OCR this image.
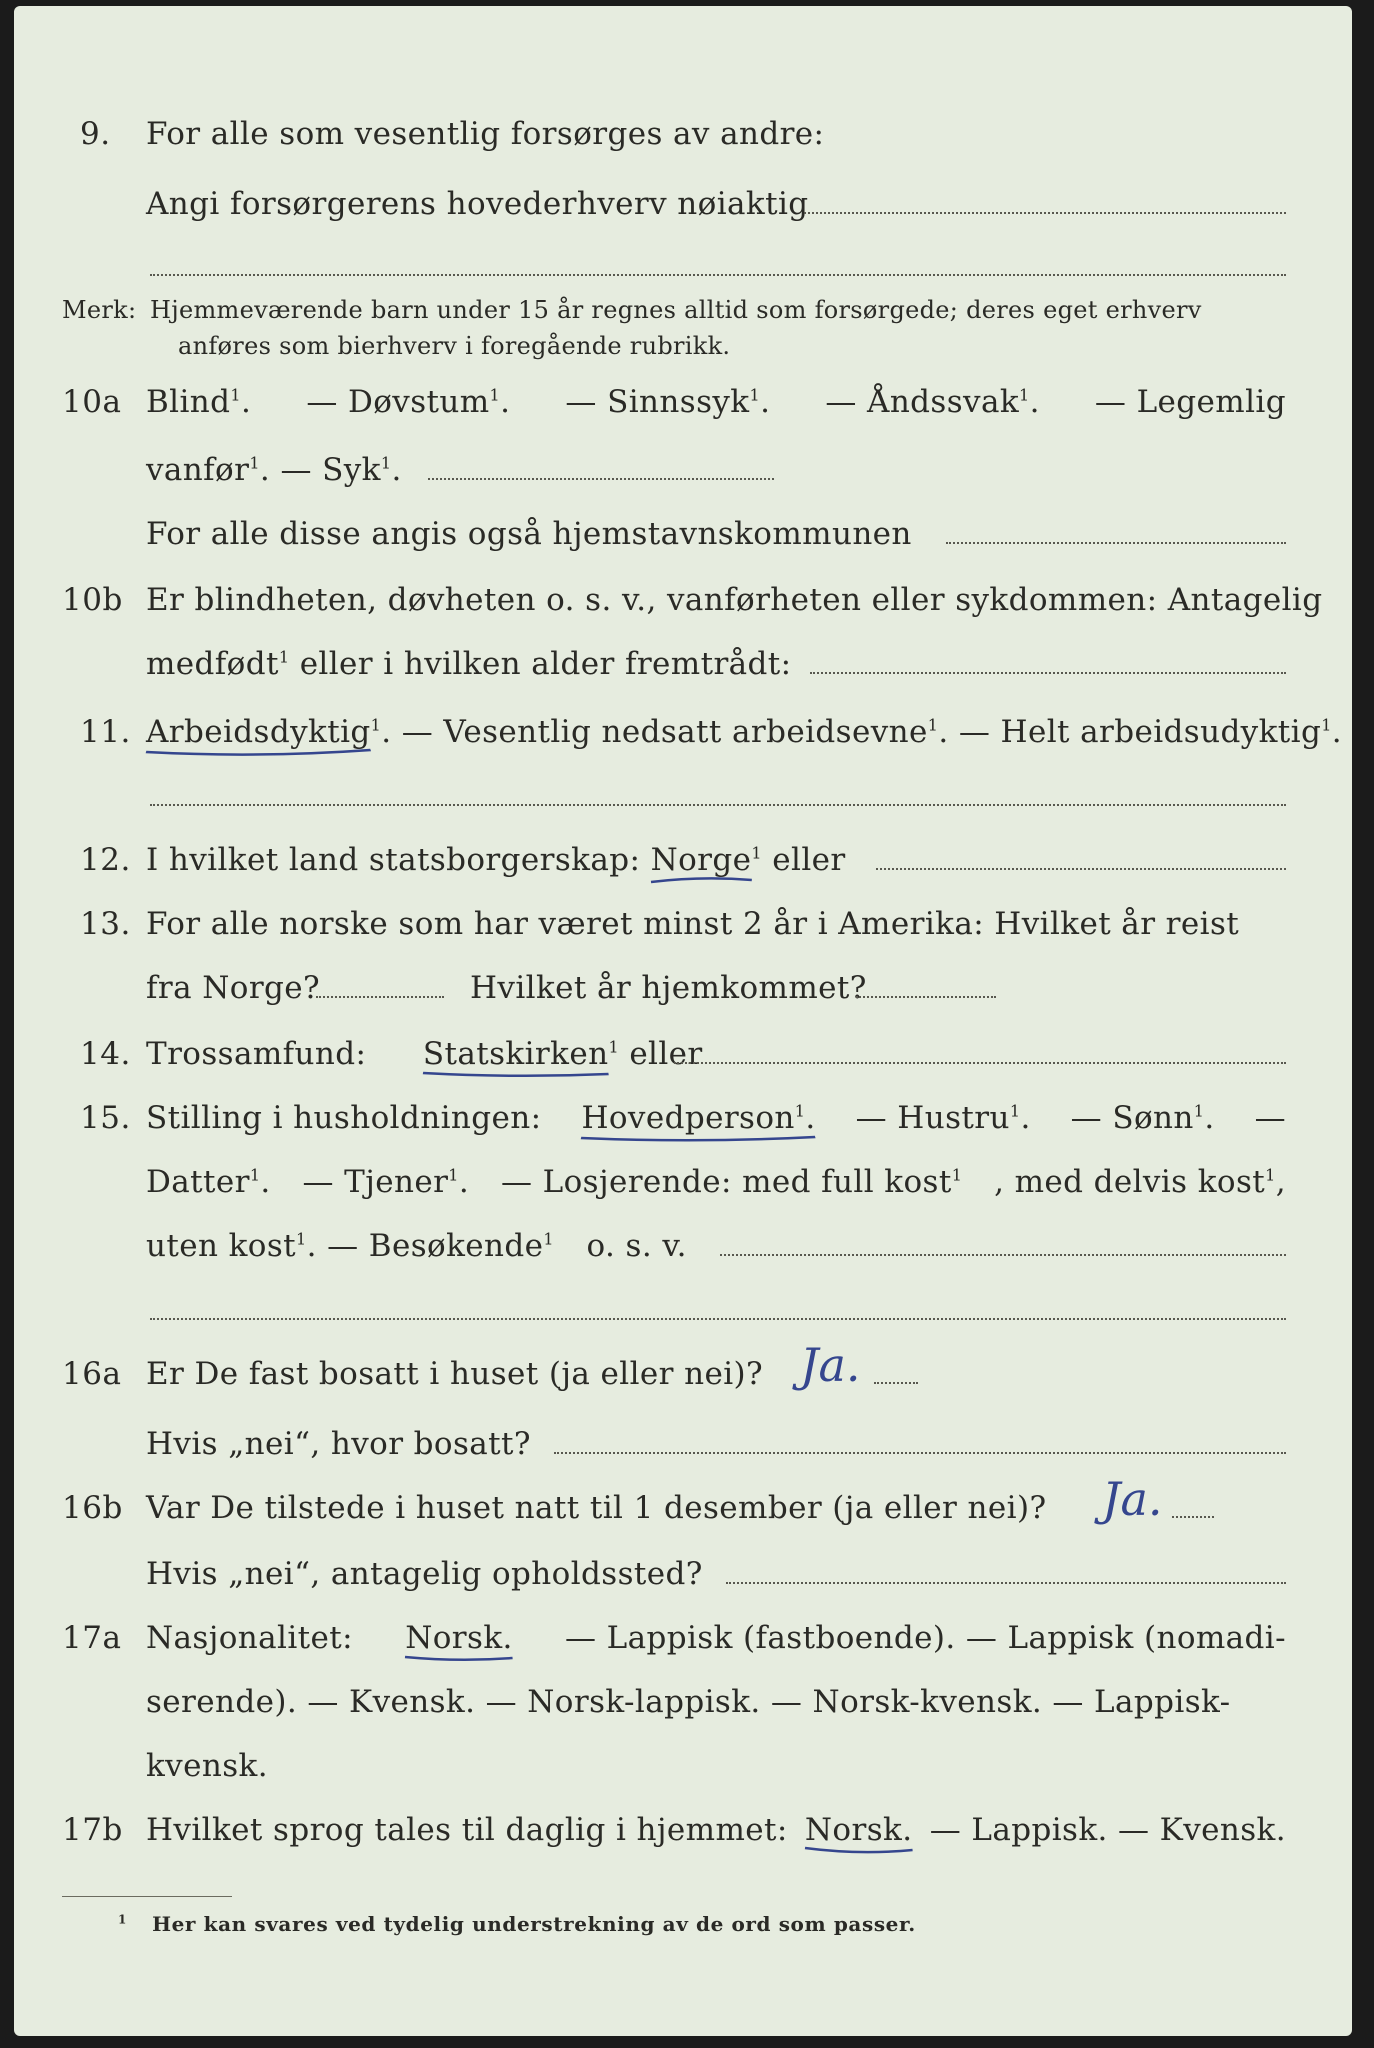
9. For alle som vesentlig forsørges av andre:
Angi forsørgerens hovederhverv nøiaktig
Merk: Hjemmeværende barn under 15 år regnes alltid som forsørgede; deres eget erhverv
anføres som bierhverv i foregående rubrikk.
10a Blind$^1$. — Døvstum$^1$. — Sinnssyk$^1$. — Åndssvak$^1$. — Legemlig
vanfør$^1$. — Syk$^1$.
For alle disse angis også hjemstavnskommunen
10b Er blindheten, døvheten o. s. v., vanførheten eller sykdommen: Antagelig
medfødt$^1$ eller i hvilken alder fremtrådt:
11. Arbeidsdyktig
$^1$. — Vesentlig nedsatt arbeidsevne$^1$. — Helt arbeidsudyktig$^1$.
12. I hvilket land statsborgerskap: Norge
$^1$ eller
13. For alle norske som har været minst 2 år i Amerika: Hvilket år reist
fra Norge?	Hvilket år hjemkommet?
14. Trossamfund: Statskirken
$^1$ eller
15. Stilling i husholdningen: Hovedperson
$^1$. — Hustru$^1$. — Sønn$^1$. —
Datter$^1$. — Tjener$^1$. — Losjerende: med full kost$^1$ , med delvis kost$^1$,
uten kost$^1$. — Besøkende$^1$ o. s. v.
16a Er De fast bosatt i huset (ja eller nei)? Ja.
Hvis „nei“, hvor bosatt?
16b Var De tilstede i huset natt til 1 desember (ja eller nei)? Ja.
Hvis „nei“, antagelig opholdssted?
17a Nasjonalitet: Norsk. — Lappisk (fastboende). — Lappisk (nomadi-
serende). — Kvensk. — Norsk-lappisk. — Norsk-kvensk. — Lappisk-
kvensk.
17b Hvilket sprog tales til daglig i hjemmet: Norsk. — Lappisk. — Kvensk.
$^1$ Her kan svares ved tydelig understrekning av de ord som passer.
